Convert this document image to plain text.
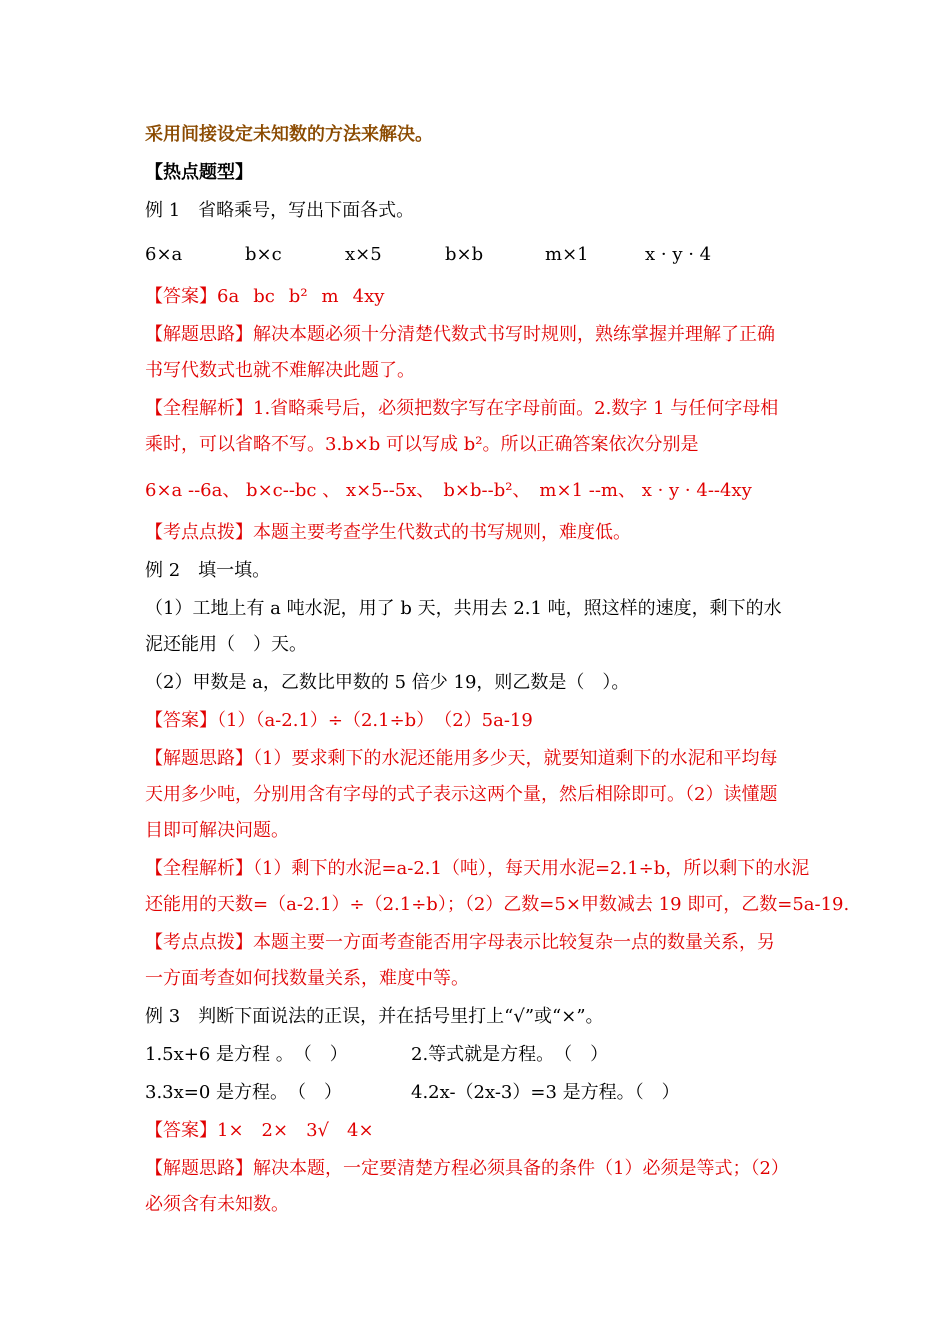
采用间接设定未知数的方法来解决。
【热点题型】
例 1　省略乘号，写出下面各式。
6×a	b×c	x×5	b×b	m×1	x · y · 4
【答案】6a bc b² m 4xy
【解题思路】解决本题必须十分清楚代数式书写时规则，熟练掌握并理解了正确
书写代数式也就不难解决此题了。
【全程解析】1.省略乘号后，必须把数字写在字母前面。2.数字 1 与任何字母相
乘时，可以省略不写。3.b×b 可以写成 b²。所以正确答案依次分别是
6×a --6a、 b×c--bc 、 x×5--5x、　b×b--b²、　m×1 --m、 x · y · 4--4xy
【考点点拨】本题主要考查学生代数式的书写规则，难度低。
例 2　填一填。
（1）工地上有 a 吨水泥，用了 b 天，共用去 2.1 吨，照这样的速度，剩下的水
泥还能用（　）天。
（2）甲数是 a，乙数比甲数的 5 倍少 19，则乙数是（　）。
【答案】（1）（a-2.1）÷（2.1÷b）　（2）5a-19
【解题思路】（1）要求剩下的水泥还能用多少天，就要知道剩下的水泥和平均每
天用多少吨，分别用含有字母的式子表示这两个量，然后相除即可。（2）读懂题
目即可解决问题。
【全程解析】（1）剩下的水泥=a-2.1（吨），每天用水泥=2.1÷b，所以剩下的水泥
还能用的天数=（a-2.1）÷（2.1÷b）；（2）乙数=5×甲数减去 19 即可，乙数=5a-19.
【考点点拨】本题主要一方面考查能否用字母表示比较复杂一点的数量关系，另
一方面考查如何找数量关系，难度中等。
例 3　判断下面说法的正误，并在括号里打上“√”或“×”。
1.5x+6 是方程 。　（　）	2.等式就是方程。　（　）
3.3x=0 是方程。　（　）	4.2x-（2x-3）=3 是方程。（　）
【答案】1×　2×　3√　4×
【解题思路】解决本题，一定要清楚方程必须具备的条件（1）必须是等式；（2）
必须含有未知数。
